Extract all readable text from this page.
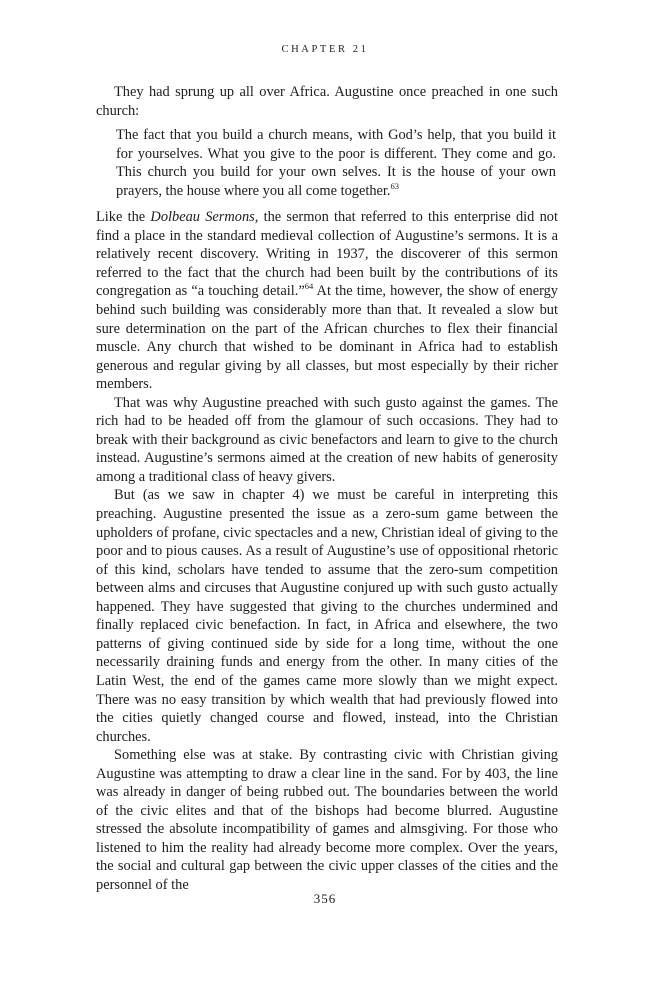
CHAPTER 21

They had sprung up all over Africa. Augustine once preached in one such church:

The fact that you build a church means, with God’s help, that you build it for yourselves. What you give to the poor is different. They come and go. This church you build for your own selves. It is the house of your own prayers, the house where you all come together.$^{63}$

Like the Dolbeau Sermons, the sermon that referred to this enterprise did not find a place in the standard medieval collection of Augustine’s sermons. It is a relatively recent discovery. Writing in 1937, the discoverer of this sermon referred to the fact that the church had been built by the contributions of its congregation as “a touching detail.”$^{64}$ At the time, however, the show of energy behind such building was considerably more than that. It revealed a slow but sure determination on the part of the African churches to flex their financial muscle. Any church that wished to be dominant in Africa had to establish generous and regular giving by all classes, but most especially by their richer members.

That was why Augustine preached with such gusto against the games. The rich had to be headed off from the glamour of such occasions. They had to break with their background as civic benefactors and learn to give to the church instead. Augustine’s sermons aimed at the creation of new habits of generosity among a traditional class of heavy givers.

But (as we saw in chapter 4) we must be careful in interpreting this preaching. Augustine presented the issue as a zero-sum game between the upholders of profane, civic spectacles and a new, Christian ideal of giving to the poor and to pious causes. As a result of Augustine’s use of oppositional rhetoric of this kind, scholars have tended to assume that the zero-sum competition between alms and circuses that Augustine conjured up with such gusto actually happened. They have suggested that giving to the churches undermined and finally replaced civic benefaction. In fact, in Africa and elsewhere, the two patterns of giving continued side by side for a long time, without the one necessarily draining funds and energy from the other. In many cities of the Latin West, the end of the games came more slowly than we might expect. There was no easy transition by which wealth that had previously flowed into the cities quietly changed course and flowed, instead, into the Christian churches.

Something else was at stake. By contrasting civic with Christian giving Augustine was attempting to draw a clear line in the sand. For by 403, the line was already in danger of being rubbed out. The boundaries between the world of the civic elites and that of the bishops had become blurred. Augustine stressed the absolute incompatibility of games and almsgiving. For those who listened to him the reality had already become more complex. Over the years, the social and cultural gap between the civic upper classes of the cities and the personnel of the

356
